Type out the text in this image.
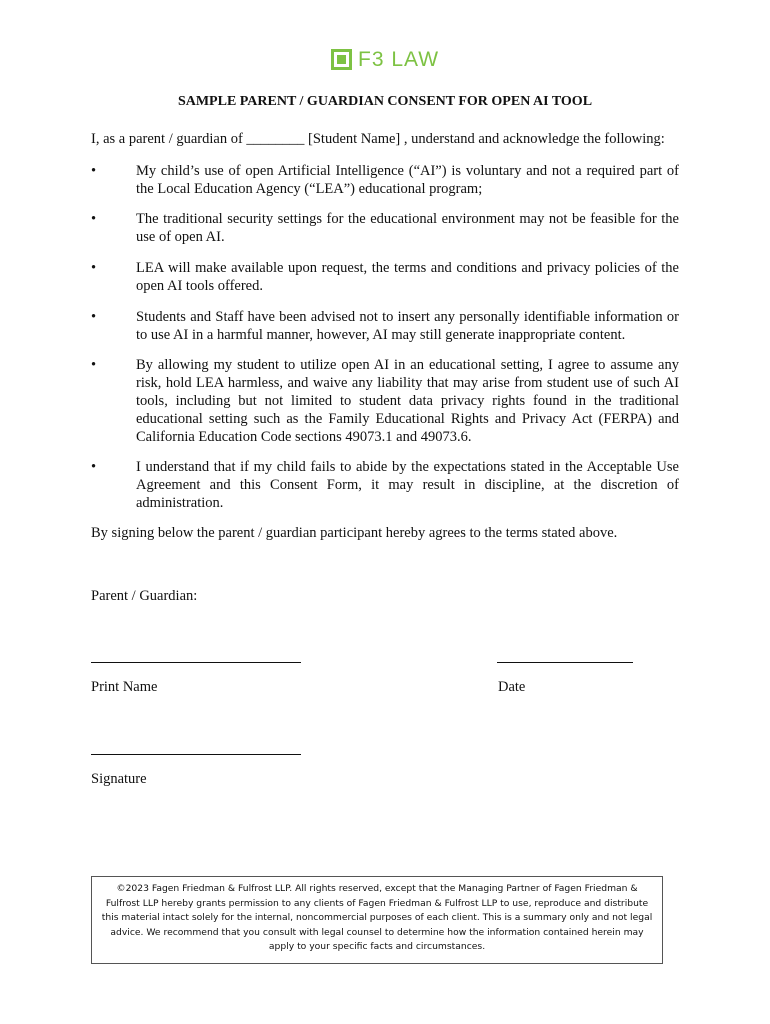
F3 LAW
SAMPLE PARENT / GUARDIAN CONSENT FOR OPEN AI TOOL
I, as a parent / guardian of ________ [Student Name] , understand and acknowledge the following:
•	My child’s use of open Artificial Intelligence (“AI”) is voluntary and not a required part of the Local Education Agency (“LEA”) educational program;
•	The traditional security settings for the educational environment may not be feasible for the use of open AI.
•	LEA will make available upon request, the terms and conditions and privacy policies of the open AI tools offered.
•	Students and Staff have been advised not to insert any personally identifiable information or to use AI in a harmful manner, however, AI may still generate inappropriate content.
•	By allowing my student to utilize open AI in an educational setting, I agree to assume any risk, hold LEA harmless, and waive any liability that may arise from student use of such AI tools, including but not limited to student data privacy rights found in the traditional educational setting such as the Family Educational Rights and Privacy Act (FERPA) and California Education Code sections 49073.1 and 49073.6.
•	I understand that if my child fails to abide by the expectations stated in the Acceptable Use Agreement and this Consent Form, it may result in discipline, at the discretion of administration.
By signing below the parent / guardian participant hereby agrees to the terms stated above.
Parent / Guardian:
Print Name	Date
Signature
©2023 Fagen Friedman & Fulfrost LLP. All rights reserved, except that the Managing Partner of Fagen Friedman & Fulfrost LLP hereby grants permission to any clients of Fagen Friedman & Fulfrost LLP to use, reproduce and distribute this material intact solely for the internal, noncommercial purposes of each client. This is a summary only and not legal advice. We recommend that you consult with legal counsel to determine how the information contained herein may apply to your specific facts and circumstances.
